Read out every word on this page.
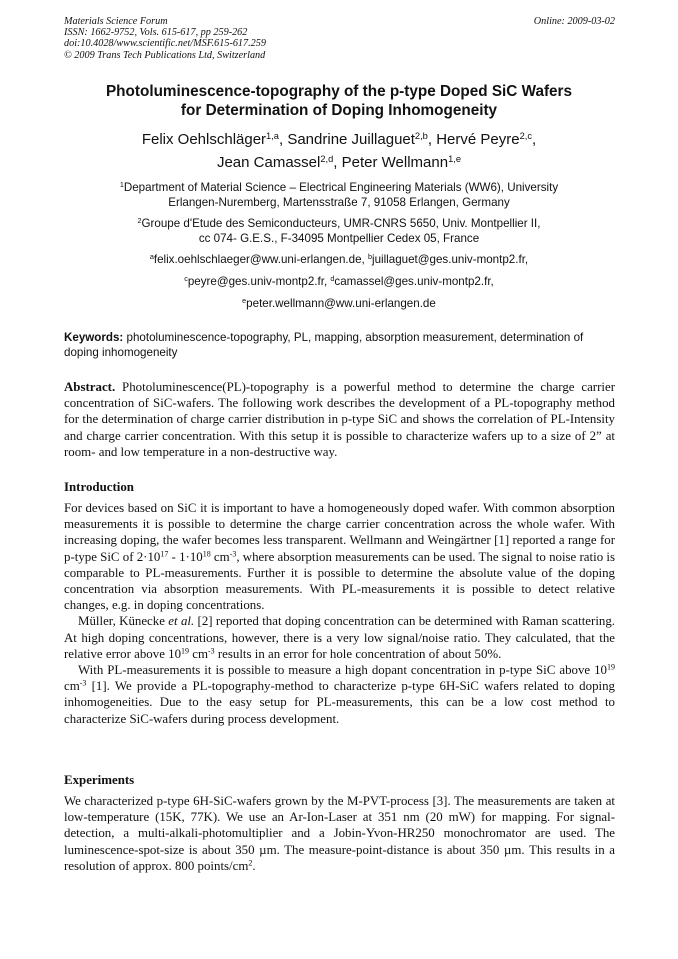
Materials Science Forum
ISSN: 1662-9752, Vols. 615-617, pp 259-262
doi:10.4028/www.scientific.net/MSF.615-617.259
© 2009 Trans Tech Publications Ltd, Switzerland
Online: 2009-03-02
Photoluminescence-topography of the p-type Doped SiC Wafers
for Determination of Doping Inhomogeneity
Felix Oehlschläger$^{1,a}$, Sandrine Juillaguet$^{2,b}$, Hervé Peyre$^{2,c}$,
Jean Camassel$^{2,d}$, Peter Wellmann$^{1,e}$
$^1$Department of Material Science – Electrical Engineering Materials (WW6), University
Erlangen-Nuremberg, Martensstraße 7, 91058 Erlangen, Germany
$^2$Groupe d'Etude des Semiconducteurs, UMR-CNRS 5650, Univ. Montpellier II,
cc 074- G.E.S., F-34095 Montpellier Cedex 05, France
$^a$felix.oehlschlaeger@ww.uni-erlangen.de, $^b$juillaguet@ges.univ-montp2.fr,
$^c$peyre@ges.univ-montp2.fr, $^d$camassel@ges.univ-montp2.fr,
$^e$peter.wellmann@ww.uni-erlangen.de
Keywords: photoluminescence-topography, PL, mapping, absorption measurement, determination of doping inhomogeneity

Abstract. Photoluminescence(PL)-topography is a powerful method to determine the charge carrier concentration of SiC-wafers. The following work describes the development of a PL-topography method for the determination of charge carrier distribution in p-type SiC and shows the correlation of PL-Intensity and charge carrier concentration. With this setup it is possible to characterize wafers up to a size of 2” at room- and low temperature in a non-destructive way.

Introduction

For devices based on SiC it is important to have a homogeneously doped wafer. With common absorption measurements it is possible to determine the charge carrier concentration across the whole wafer. With increasing doping, the wafer becomes less transparent. Wellmann and Weingärtner [1] reported a range for p-type SiC of $2\cdot 10^{17} - 1\cdot 10^{18}$ $cm^{-3}$, where absorption measurements can be used. The signal to noise ratio is comparable to PL-measurements. Further it is possible to determine the absolute value of the doping concentration via absorption measurements. With PL-measurements it is possible to detect relative changes, e.g. in doping concentrations.

Müller, Künecke et al. [2] reported that doping concentration can be determined with Raman scattering. At high doping concentrations, however, there is a very low signal/noise ratio. They calculated, that the relative error above $10^{19}$ $cm^{-3}$ results in an error for hole concentration of about 50%.

With PL-measurements it is possible to measure a high dopant concentration in p-type SiC above $10^{19}$ $cm^{-3}$ [1]. We provide a PL-topography-method to characterize p-type 6H-SiC wafers related to doping inhomogeneities. Due to the easy setup for PL-measurements, this can be a low cost method to characterize SiC-wafers during process development.

Experiments

We characterized p-type 6H-SiC-wafers grown by the M-PVT-process [3]. The measurements are taken at low-temperature (15K, 77K). We use an Ar-Ion-Laser at 351 nm (20 mW) for mapping. For signal-detection, a multi-alkali-photomultiplier and a Jobin-Yvon-HR250 monochromator are used. The luminescence-spot-size is about 350 µm. The measure-point-distance is about 350 µm. This results in a resolution of approx. 800 points/$cm^2$.
